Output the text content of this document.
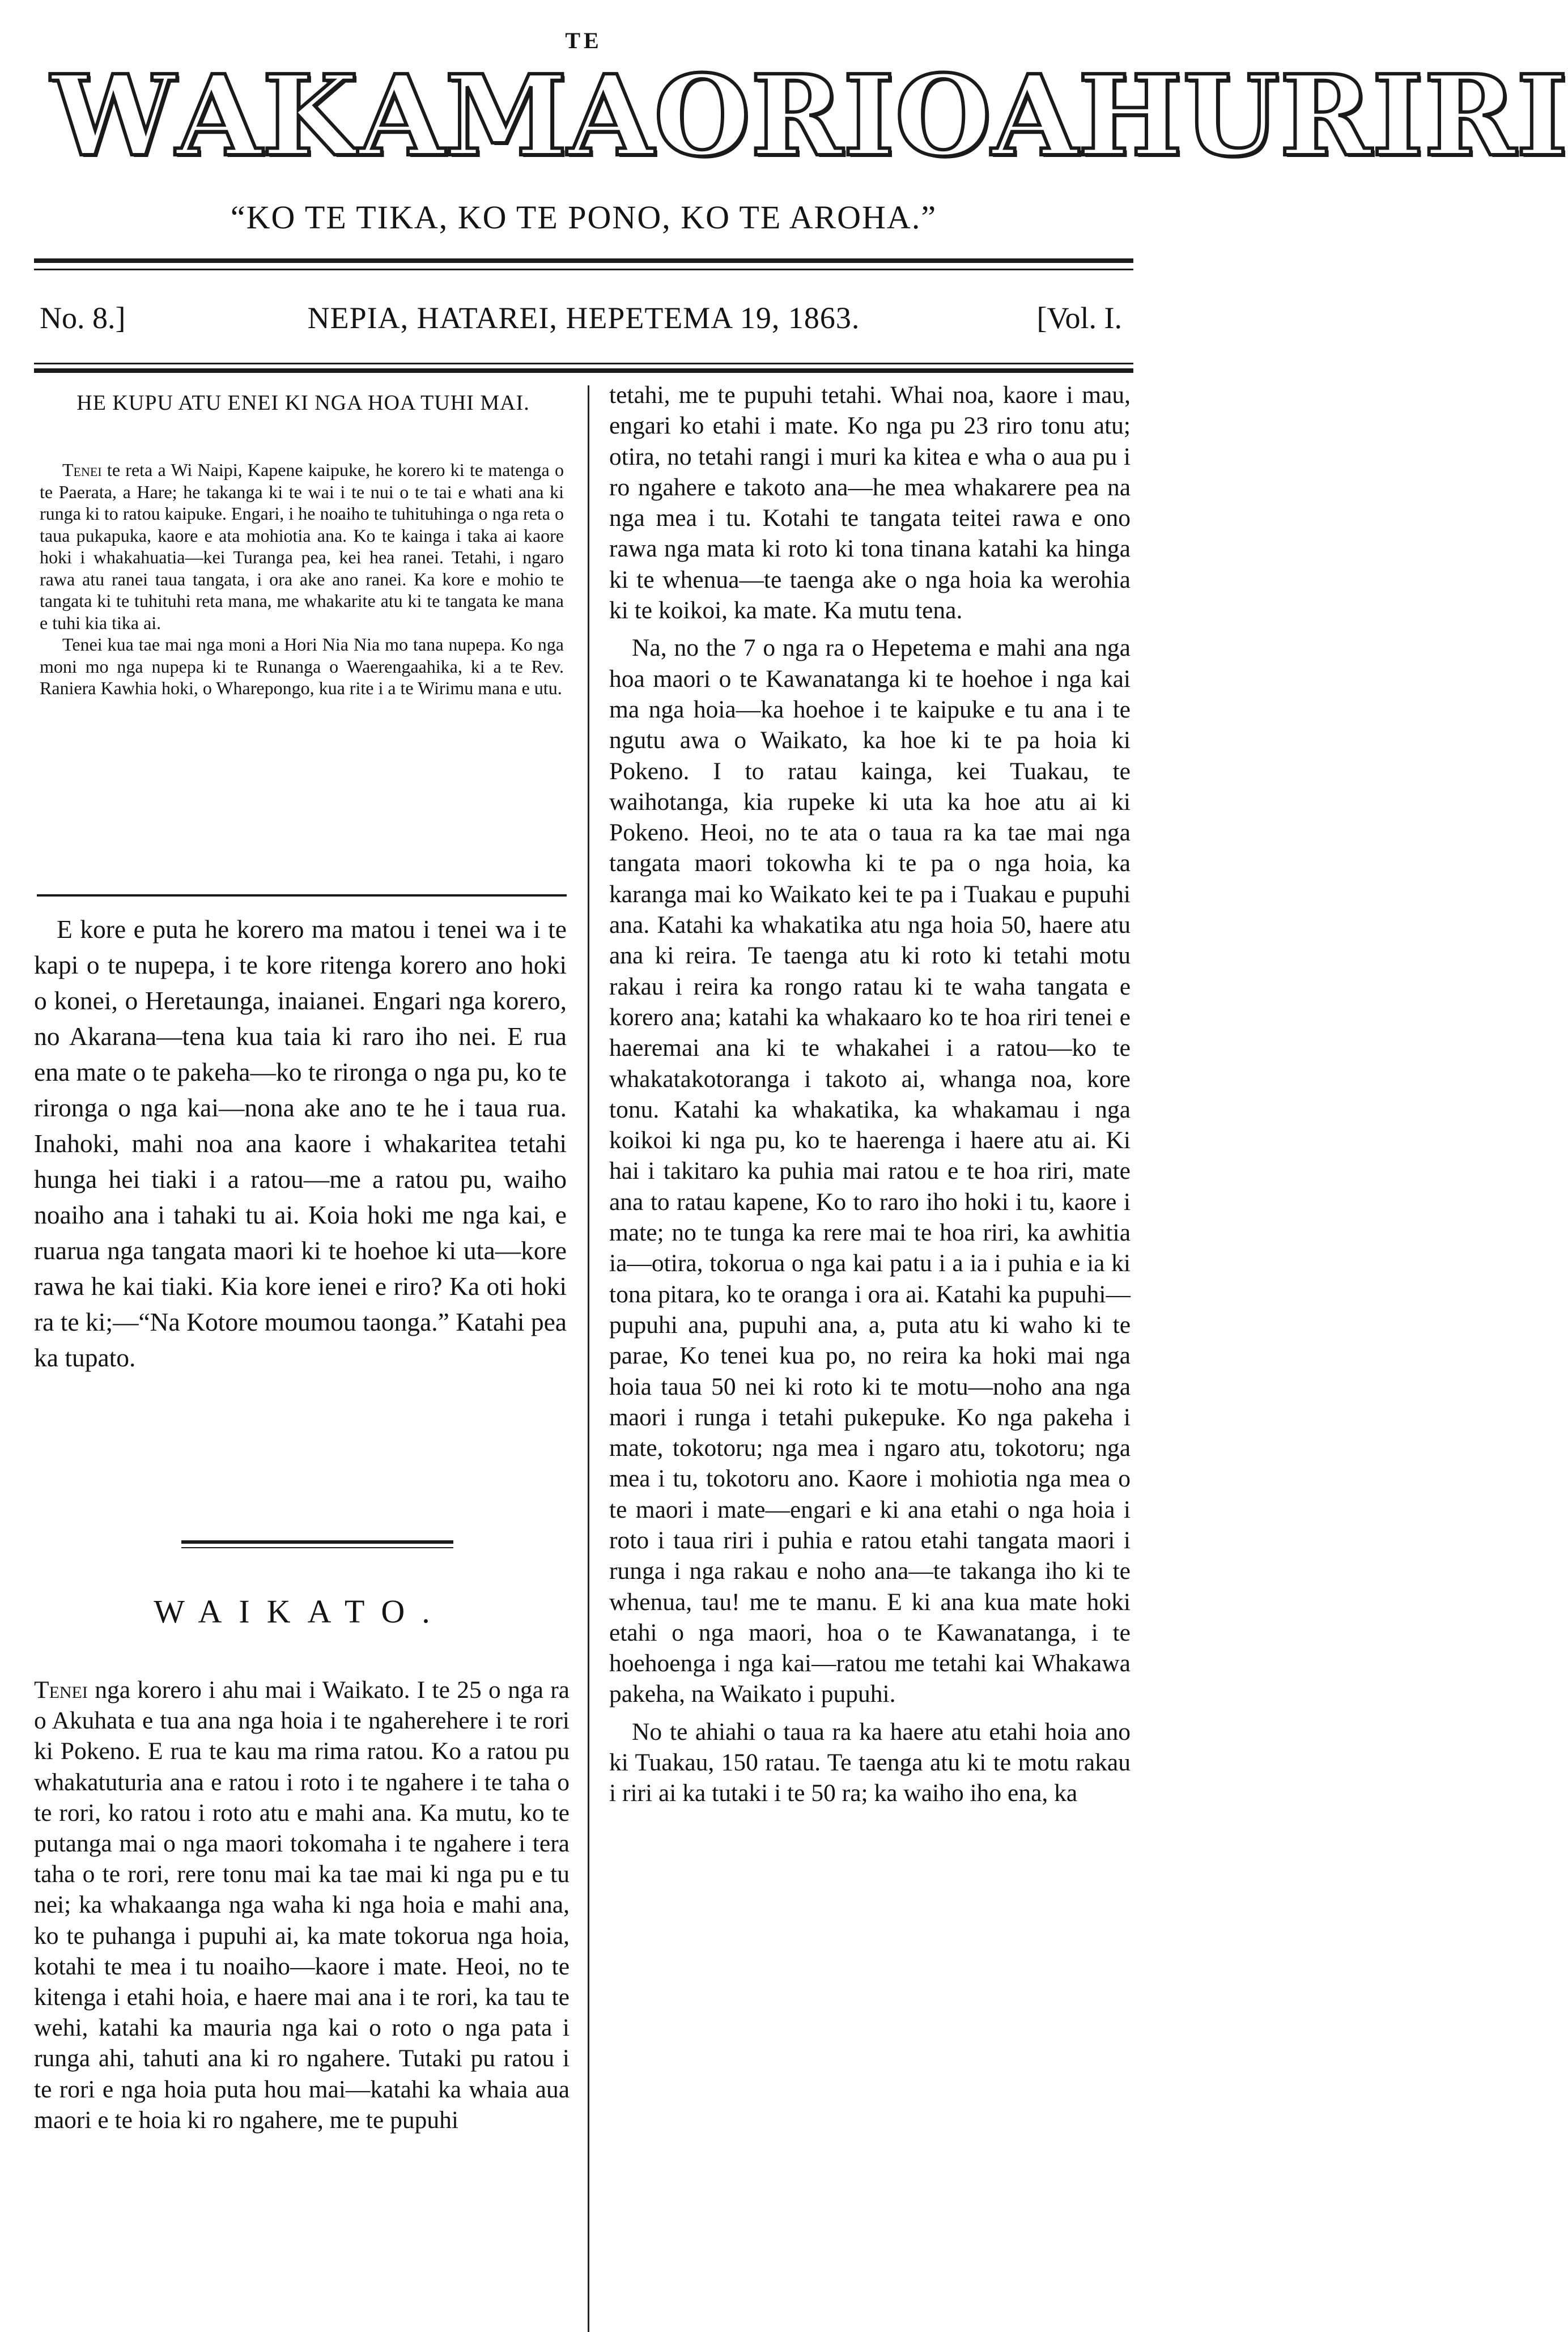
TE
W A K A M A O R I O A H U R I R I
“KO TE TIKA, KO TE PONO, KO TE AROHA.”
No. 8.]	NEPIA, HATAREI, HEPETEMA 19, 1863.	[Vol. I.
HE KUPU ATU ENEI KI NGA HOA TUHI MAI.

Tenei te reta a Wi Naipi, Kapene kaipuke, he korero ki te matenga o te Paerata, a Hare; he takanga ki te wai i te nui o te tai e whati ana ki runga ki to ratou kaipuke. Engari, i he noaiho te tuhituhinga o nga reta o taua pukapuka, kaore e ata mohiotia ana. Ko te kainga i taka ai kaore hoki i whakahuatia—kei Turanga pea, kei hea ranei. Tetahi, i ngaro rawa atu ranei taua tangata, i ora ake ano ranei. Ka kore e mohio te tangata ki te tuhituhi reta mana, me whakarite atu ki te tangata ke mana e tuhi kia tika ai.

Tenei kua tae mai nga moni a Hori Nia Nia mo tana nupepa. Ko nga moni mo nga nupepa ki te Runanga o Waerengaahika, ki a te Rev. Raniera Kawhia hoki, o Wharepongo, kua rite i a te Wirimu mana e utu.

E kore e puta he korero ma matou i tenei wa i te kapi o te nupepa, i te kore ritenga korero ano hoki o konei, o Heretaunga, inaianei. Engari nga korero, no Akarana—tena kua taia ki raro iho nei. E rua ena mate o te pakeha—ko te rironga o nga pu, ko te rironga o nga kai—nona ake ano te he i taua rua. Inahoki, mahi noa ana kaore i whakaritea tetahi hunga hei tiaki i a ratou—me a ratou pu, waiho noaiho ana i tahaki tu ai. Koia hoki me nga kai, e ruarua nga tangata maori ki te hoehoe ki uta—kore rawa he kai tiaki. Kia kore ienei e riro? Ka oti hoki ra te ki;—“Na Kotore moumou taonga.” Katahi pea ka tupato.

WAIKATO.

Tenei nga korero i ahu mai i Waikato. I te 25 o nga ra o Akuhata e tua ana nga hoia i te ngaherehere i te rori ki Pokeno. E rua te kau ma rima ratou. Ko a ratou pu whakatuturia ana e ratou i roto i te ngahere i te taha o te rori, ko ratou i roto atu e mahi ana. Ka mutu, ko te putanga mai o nga maori tokomaha i te ngahere i tera taha o te rori, rere tonu mai ka tae mai ki nga pu e tu nei; ka whakaanga nga waha ki nga hoia e mahi ana, ko te puhanga i pupuhi ai, ka mate tokorua nga hoia, kotahi te mea i tu noaiho—kaore i mate. Heoi, no te kitenga i etahi hoia, e haere mai ana i te rori, ka tau te wehi, katahi ka mauria nga kai o roto o nga pata i runga ahi, tahuti ana ki ro ngahere. Tutaki pu ratou i te rori e nga hoia puta hou mai—katahi ka whaia aua maori e te hoia ki ro ngahere, me te pupuhi

tetahi, me te pupuhi tetahi. Whai noa, kaore i mau, engari ko etahi i mate. Ko nga pu 23 riro tonu atu; otira, no tetahi rangi i muri ka kitea e wha o aua pu i ro ngahere e takoto ana—he mea whakarere pea na nga mea i tu. Kotahi te tangata teitei rawa e ono rawa nga mata ki roto ki tona tinana katahi ka hinga ki te whenua—te taenga ake o nga hoia ka werohia ki te koikoi, ka mate. Ka mutu tena.

Na, no the 7 o nga ra o Hepetema e mahi ana nga hoa maori o te Kawanatanga ki te hoehoe i nga kai ma nga hoia—ka hoehoe i te kaipuke e tu ana i te ngutu awa o Waikato, ka hoe ki te pa hoia ki Pokeno. I to ratau kainga, kei Tuakau, te waihotanga, kia rupeke ki uta ka hoe atu ai ki Pokeno. Heoi, no te ata o taua ra ka tae mai nga tangata maori tokowha ki te pa o nga hoia, ka karanga mai ko Waikato kei te pa i Tuakau e pupuhi ana. Katahi ka whakatika atu nga hoia 50, haere atu ana ki reira. Te taenga atu ki roto ki tetahi motu rakau i reira ka rongo ratau ki te waha tangata e korero ana; katahi ka whakaaro ko te hoa riri tenei e haeremai ana ki te whakahei i a ratou—ko te whakatakotoranga i takoto ai, whanga noa, kore tonu. Katahi ka whakatika, ka whakamau i nga koikoi ki nga pu, ko te haerenga i haere atu ai. Ki hai i takitaro ka puhia mai ratou e te hoa riri, mate ana to ratau kapene, Ko to raro iho hoki i tu, kaore i mate; no te tunga ka rere mai te hoa riri, ka awhitia ia—otira, tokorua o nga kai patu i a ia i puhia e ia ki tona pitara, ko te oranga i ora ai. Katahi ka pupuhi—pupuhi ana, pupuhi ana, a, puta atu ki waho ki te parae, Ko tenei kua po, no reira ka hoki mai nga hoia taua 50 nei ki roto ki te motu—noho ana nga maori i runga i tetahi pukepuke. Ko nga pakeha i mate, tokotoru; nga mea i ngaro atu, tokotoru; nga mea i tu, tokotoru ano. Kaore i mohiotia nga mea o te maori i mate—engari e ki ana etahi o nga hoia i roto i taua riri i puhia e ratou etahi tangata maori i runga i nga rakau e noho ana—te takanga iho ki te whenua, tau! me te manu. E ki ana kua mate hoki etahi o nga maori, hoa o te Kawanatanga, i te hoehoenga i nga kai—ratou me tetahi kai Whakawa pakeha, na Waikato i pupuhi.

No te ahiahi o taua ra ka haere atu etahi hoia ano ki Tuakau, 150 ratau. Te taenga atu ki te motu rakau i riri ai ka tutaki i te 50 ra; ka waiho iho ena, ka
